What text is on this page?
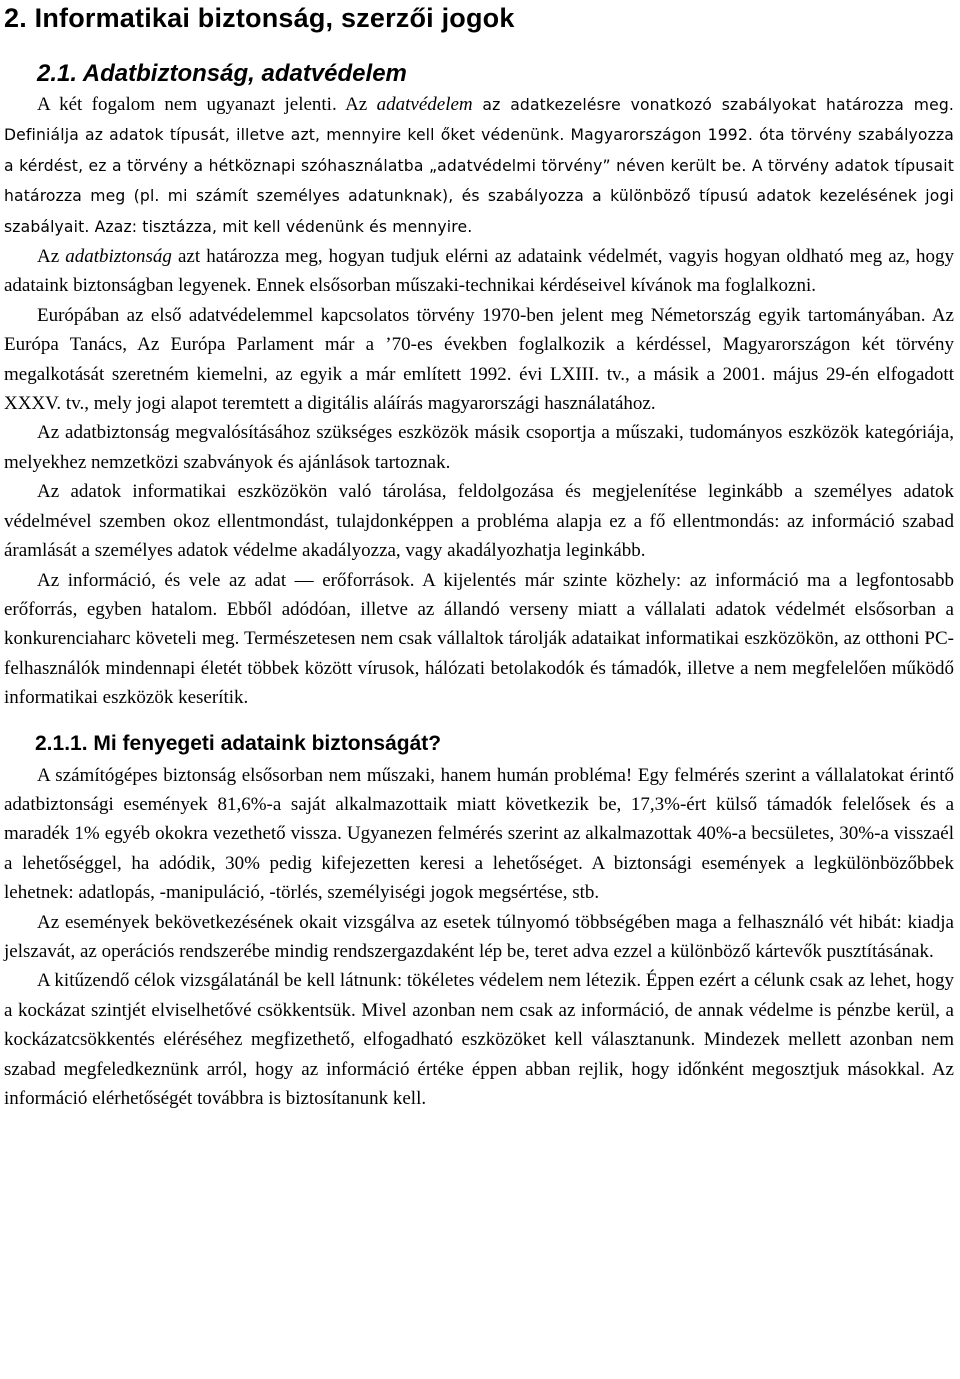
2. Informatikai biztonság, szerzői jogok
2.1. Adatbiztonság, adatvédelem

A két fogalom nem ugyanazt jelenti. Az adatvédelem az adatkezelésre vonatkozó szabályokat határozza meg. Definiálja az adatok típusát, illetve azt, mennyire kell őket védenünk. Magyarországon 1992. óta törvény szabályozza a kérdést, ez a törvény a hétköznapi szóhasználatba „adatvédelmi törvény” néven került be. A törvény adatok típusait határozza meg (pl. mi számít személyes adatunknak), és szabályozza a különböző típusú adatok kezelésének jogi szabályait. Azaz: tisztázza, mit kell védenünk és mennyire.

Az adatbiztonság azt határozza meg, hogyan tudjuk elérni az adataink védelmét, vagyis hogyan oldható meg az, hogy adataink biztonságban legyenek. Ennek elsősorban műszaki-technikai kérdéseivel kívánok ma foglalkozni.

Európában az első adatvédelemmel kapcsolatos törvény 1970-ben jelent meg Németország egyik tartományában. Az Európa Tanács, Az Európa Parlament már a ’70-es években foglalkozik a kérdéssel, Magyarországon két törvény megalkotását szeretném kiemelni, az egyik a már említett 1992. évi LXIII. tv., a másik a 2001. május 29-én elfogadott XXXV. tv., mely jogi alapot teremtett a digitális aláírás magyarországi használatához.

Az adatbiztonság megvalósításához szükséges eszközök másik csoportja a műszaki, tudományos eszközök kategóriája, melyekhez nemzetközi szabványok és ajánlások tartoznak.

Az adatok informatikai eszközökön való tárolása, feldolgozása és megjelenítése leginkább a személyes adatok védelmével szemben okoz ellentmondást, tulajdonképpen a probléma alapja ez a fő ellentmondás: az információ szabad áramlását a személyes adatok védelme akadályozza, vagy akadályozhatja leginkább.

Az információ, és vele az adat — erőforrások. A kijelentés már szinte közhely: az információ ma a legfontosabb erőforrás, egyben hatalom. Ebből adódóan, illetve az állandó verseny miatt a vállalati adatok védelmét elsősorban a konkurenciaharc követeli meg. Természetesen nem csak vállaltok tárolják adataikat informatikai eszközökön, az otthoni PC-felhasználók mindennapi életét többek között vírusok, hálózati betolakodók és támadók, illetve a nem megfelelően működő informatikai eszközök keserítik.

2.1.1. Mi fenyegeti adataink biztonságát?

A számítógépes biztonság elsősorban nem műszaki, hanem humán probléma! Egy felmérés szerint a vállalatokat érintő adatbiztonsági események 81,6%-a saját alkalmazottaik miatt következik be, 17,3%-ért külső támadók felelősek és a maradék 1% egyéb okokra vezethető vissza. Ugyanezen felmérés szerint az alkalmazottak 40%-a becsületes, 30%-a visszaél a lehetőséggel, ha adódik, 30% pedig kifejezetten keresi a lehetőséget. A biztonsági események a legkülönbözőbbek lehetnek: adatlopás, -manipuláció, -törlés, személyiségi jogok megsértése, stb.

Az események bekövetkezésének okait vizsgálva az esetek túlnyomó többségében maga a felhasználó vét hibát: kiadja jelszavát, az operációs rendszerébe mindig rendszergazdaként lép be, teret adva ezzel a különböző kártevők pusztításának.

A kitűzendő célok vizsgálatánál be kell látnunk: tökéletes védelem nem létezik. Éppen ezért a célunk csak az lehet, hogy a kockázat szintjét elviselhetővé csökkentsük. Mivel azonban nem csak az információ, de annak védelme is pénzbe kerül, a kockázatcsökkentés eléréséhez megfizethető, elfogadható eszközöket kell választanunk. Mindezek mellett azonban nem szabad megfeledkeznünk arról, hogy az információ értéke éppen abban rejlik, hogy időnként megosztjuk másokkal. Az információ elérhetőségét továbbra is biztosítanunk kell.
